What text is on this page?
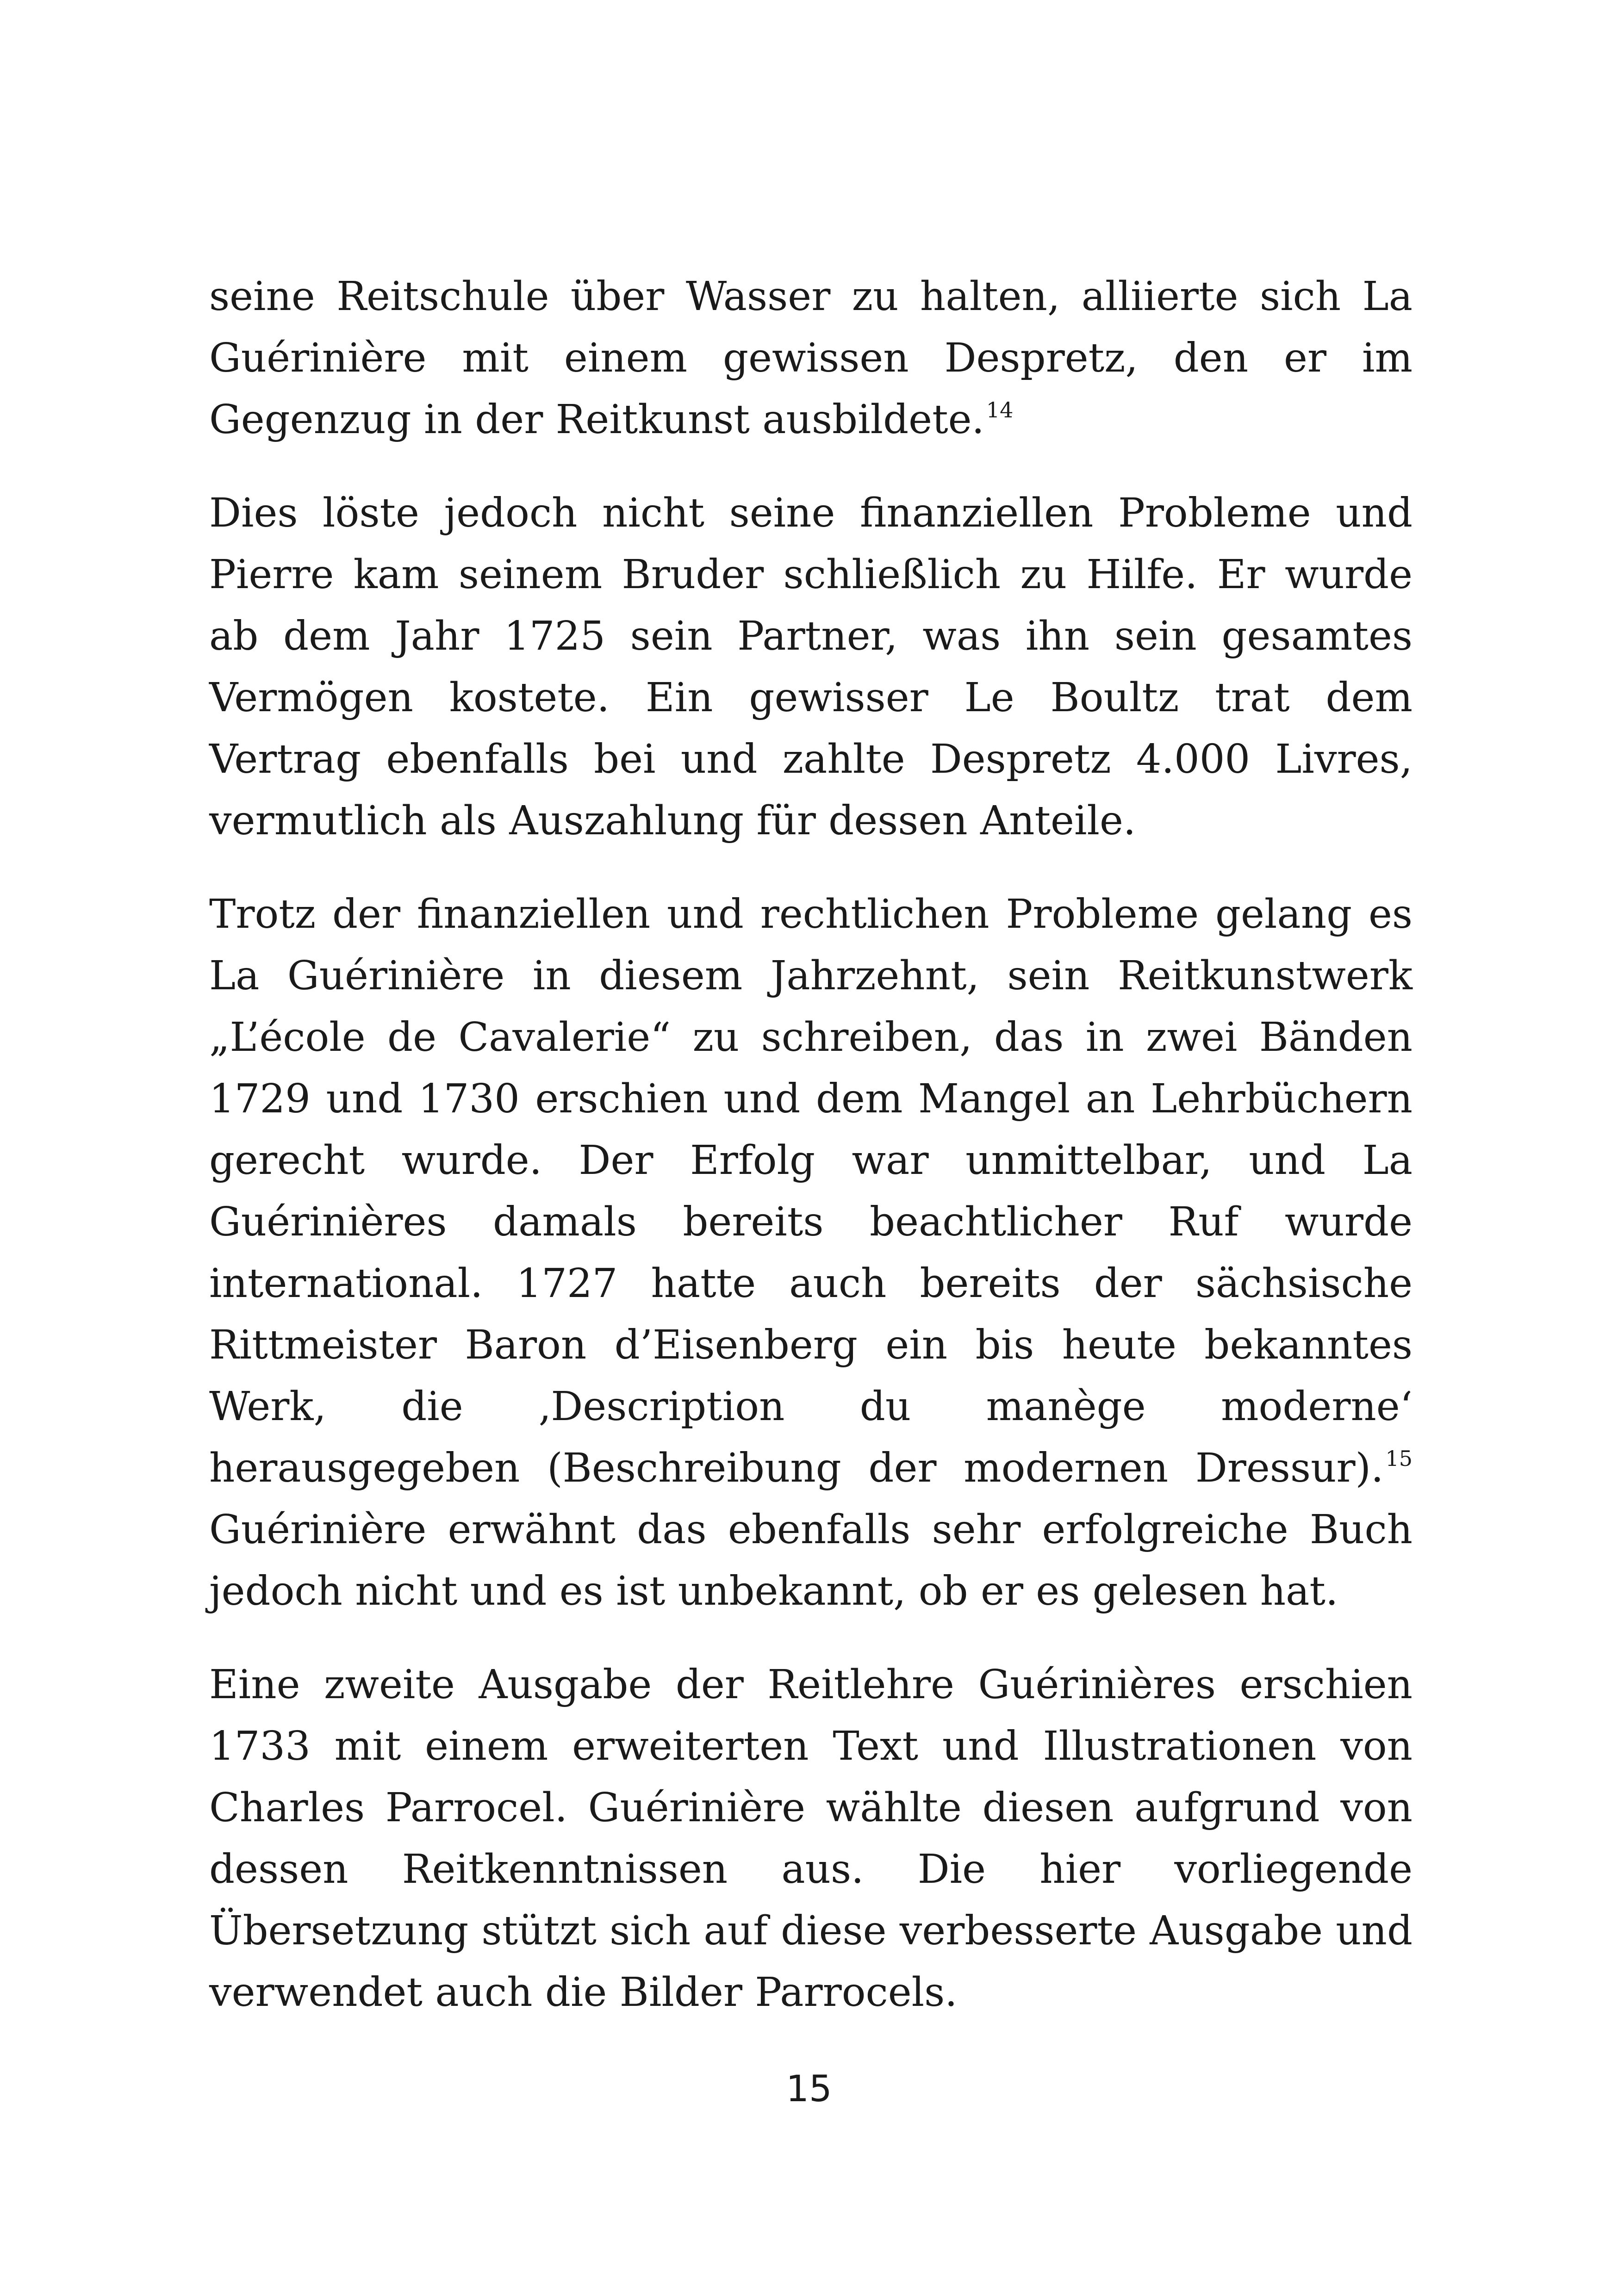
seine Reitschule über Wasser zu halten, alliierte sich La Guérinière mit einem gewissen Despretz, den er im Gegenzug in der Reitkunst ausbildete.$^{14}$

Dies löste jedoch nicht seine finanziellen Probleme und Pierre kam seinem Bruder schließlich zu Hilfe. Er wurde ab dem Jahr 1725 sein Partner, was ihn sein gesamtes Vermögen kostete. Ein gewisser Le Boultz trat dem Vertrag ebenfalls bei und zahlte Despretz 4.000 Livres, vermutlich als Auszahlung für dessen Anteile.

Trotz der finanziellen und rechtlichen Probleme gelang es La Guérinière in diesem Jahrzehnt, sein Reitkunstwerk „L’école de Cavalerie“ zu schreiben, das in zwei Bänden 1729 und 1730 erschien und dem Mangel an Lehrbüchern gerecht wurde. Der Erfolg war unmittelbar, und La Guérinières damals bereits beachtlicher Ruf wurde international. 1727 hatte auch bereits der sächsische Rittmeister Baron d’Eisenberg ein bis heute bekanntes Werk, die ‚Description du manège moderne‘ herausgegeben (Beschreibung der modernen Dressur).$^{15}$ Guérinière erwähnt das ebenfalls sehr erfolgreiche Buch jedoch nicht und es ist unbekannt, ob er es gelesen hat.

Eine zweite Ausgabe der Reitlehre Guérinières erschien 1733 mit einem erweiterten Text und Illustrationen von Charles Parrocel. Guérinière wählte diesen aufgrund von dessen Reitkenntnissen aus. Die hier vorliegende Übersetzung stützt sich auf diese verbesserte Ausgabe und verwendet auch die Bilder Parrocels.

15
